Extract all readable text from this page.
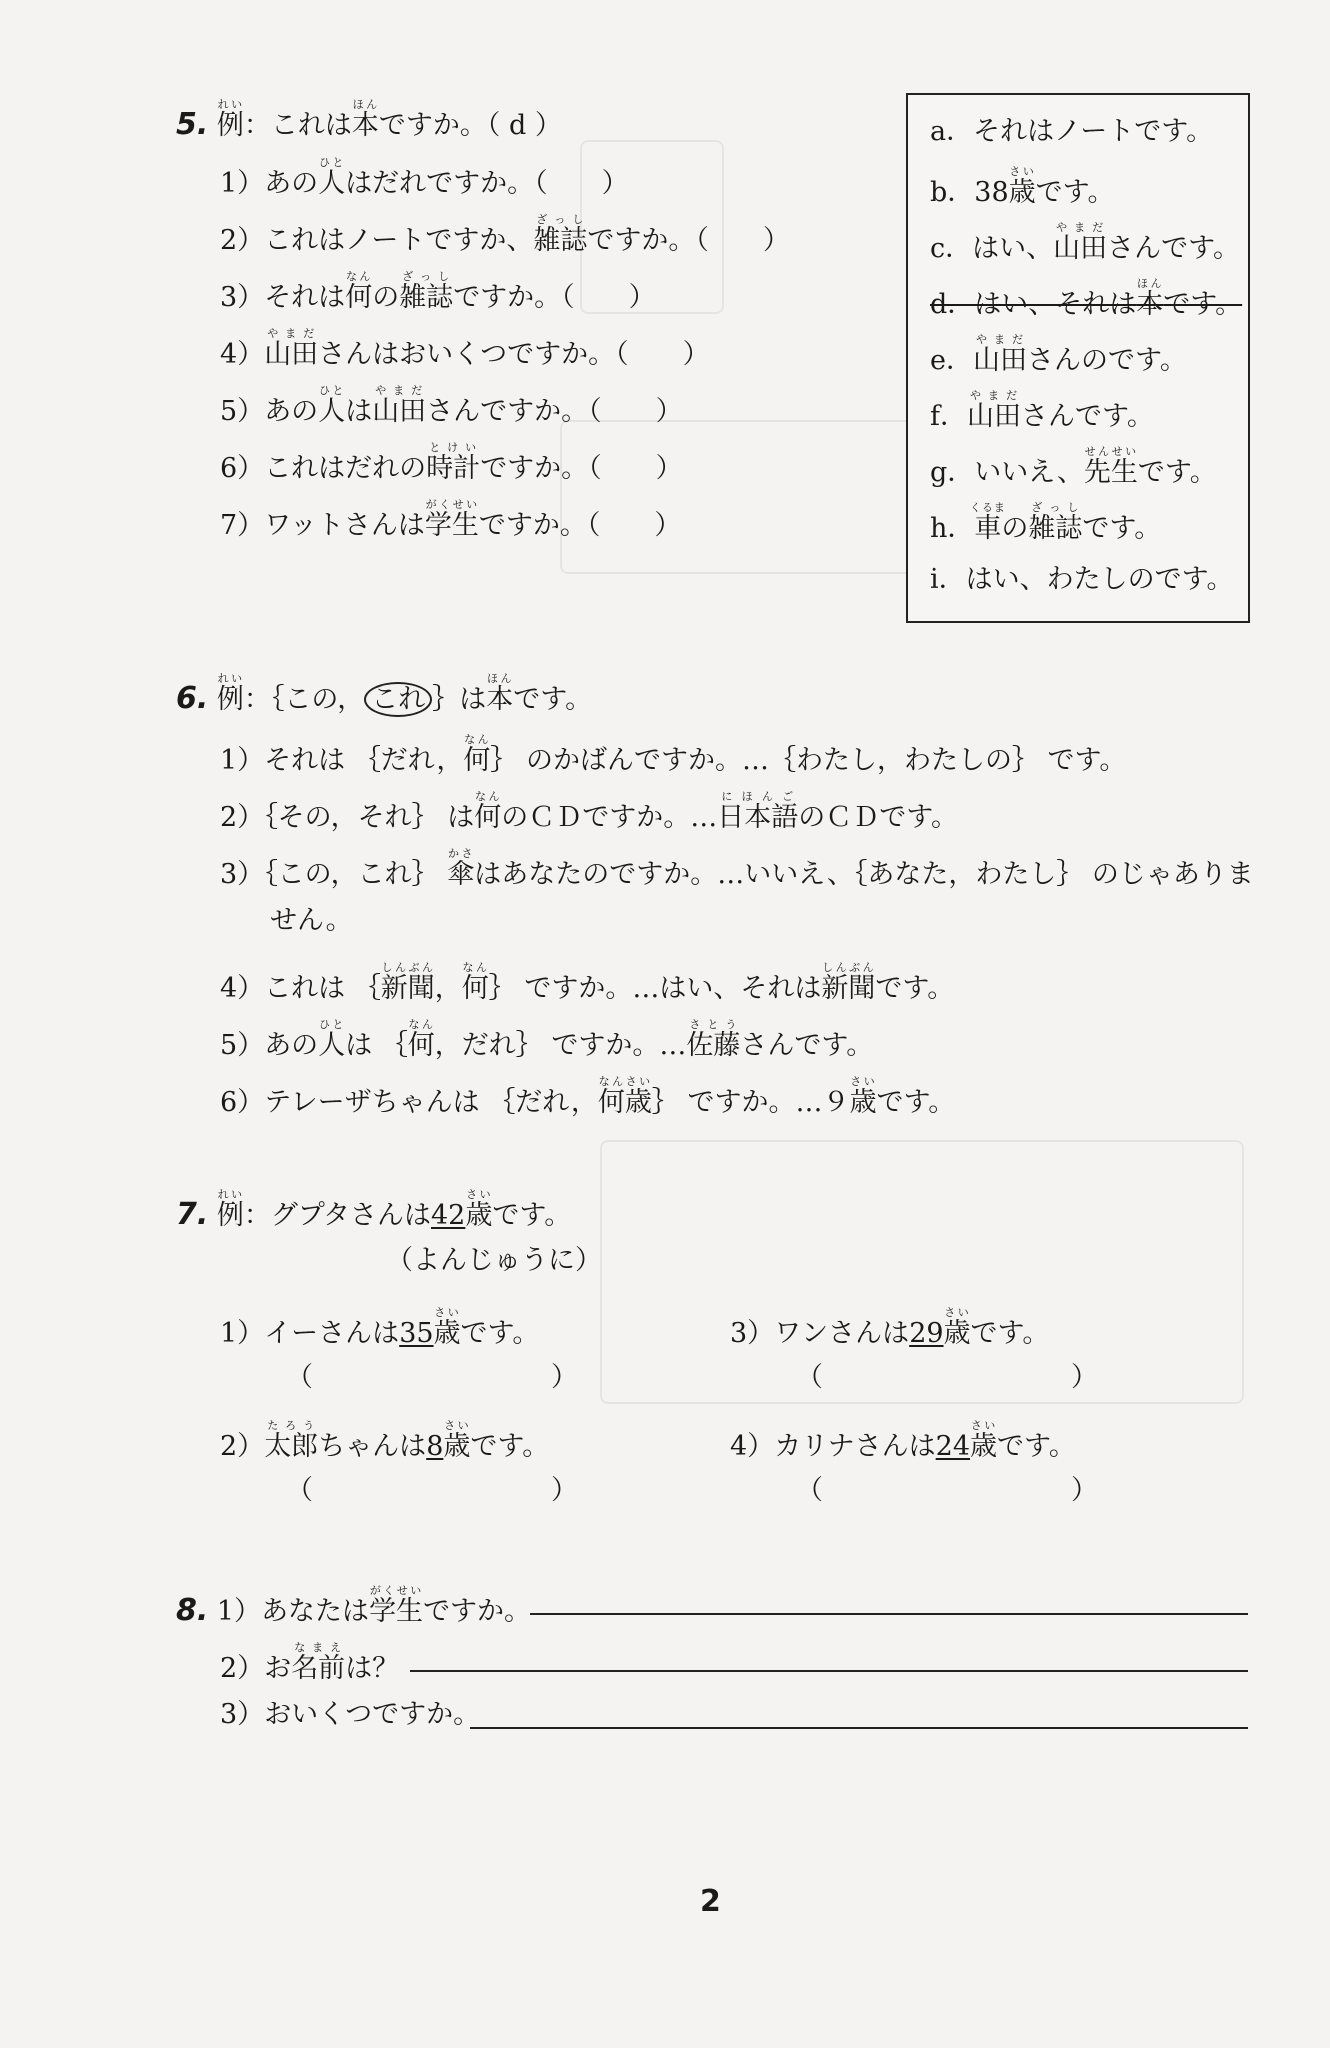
5. 例れい：これは本ほんですか。（ d ）
1）あの人ひとはだれですか。（　　）
2）これはノートですか、雑誌ざっしですか。（　　）
3）それは何なんの雑誌ざっしですか。（　　）
4）山田やまださんはおいくつですか。（　　）
5）あの人ひとは山田やまださんですか。（　　）
6）これはだれの時計とけいですか。（　　）
7）ワットさんは学生がくせいですか。（　　）
a．それはノートです。
b．38歳さいです。
c．はい、山田やまださんです。
d．はい、それは本ほんです。
e．山田やまださんのです。
f．山田やまださんです。
g．いいえ、先生せんせいです。
h．車くるまの雑誌ざっしです。
i．はい、わたしのです。
6. 例れい：｛この， これ ｝は本ほんです。
1）それは ｛だれ，何なん｝ のかばんですか。…｛わたし，わたしの｝ です。
2）｛その，それ｝ は何なんのＣＤですか。…日本語にほんごのＣＤです。
3）｛この，これ｝ 傘かさはあなたのですか。…いいえ、｛あなた，わたし｝ のじゃありま
せん。
4）これは ｛新聞しんぶん，何なん｝ ですか。…はい、それは新聞しんぶんです。
5）あの人ひとは ｛何なん，だれ｝ ですか。…佐藤さとうさんです。
6）テレーザちゃんは ｛だれ，何歳なんさい｝ ですか。…９歳さいです。
7. 例れい：グプタさんは42歳さいです。
（よんじゅうに）
1）イーさんは35歳さいです。
（	）
2）太郎たろうちゃんは8歳さいです。
（	）
3）ワンさんは29歳さいです。
（	）
4）カリナさんは24歳さいです。
（	）
8. 1）あなたは学生がくせいですか。
2）お名前なまえは？
3）おいくつですか。
2
